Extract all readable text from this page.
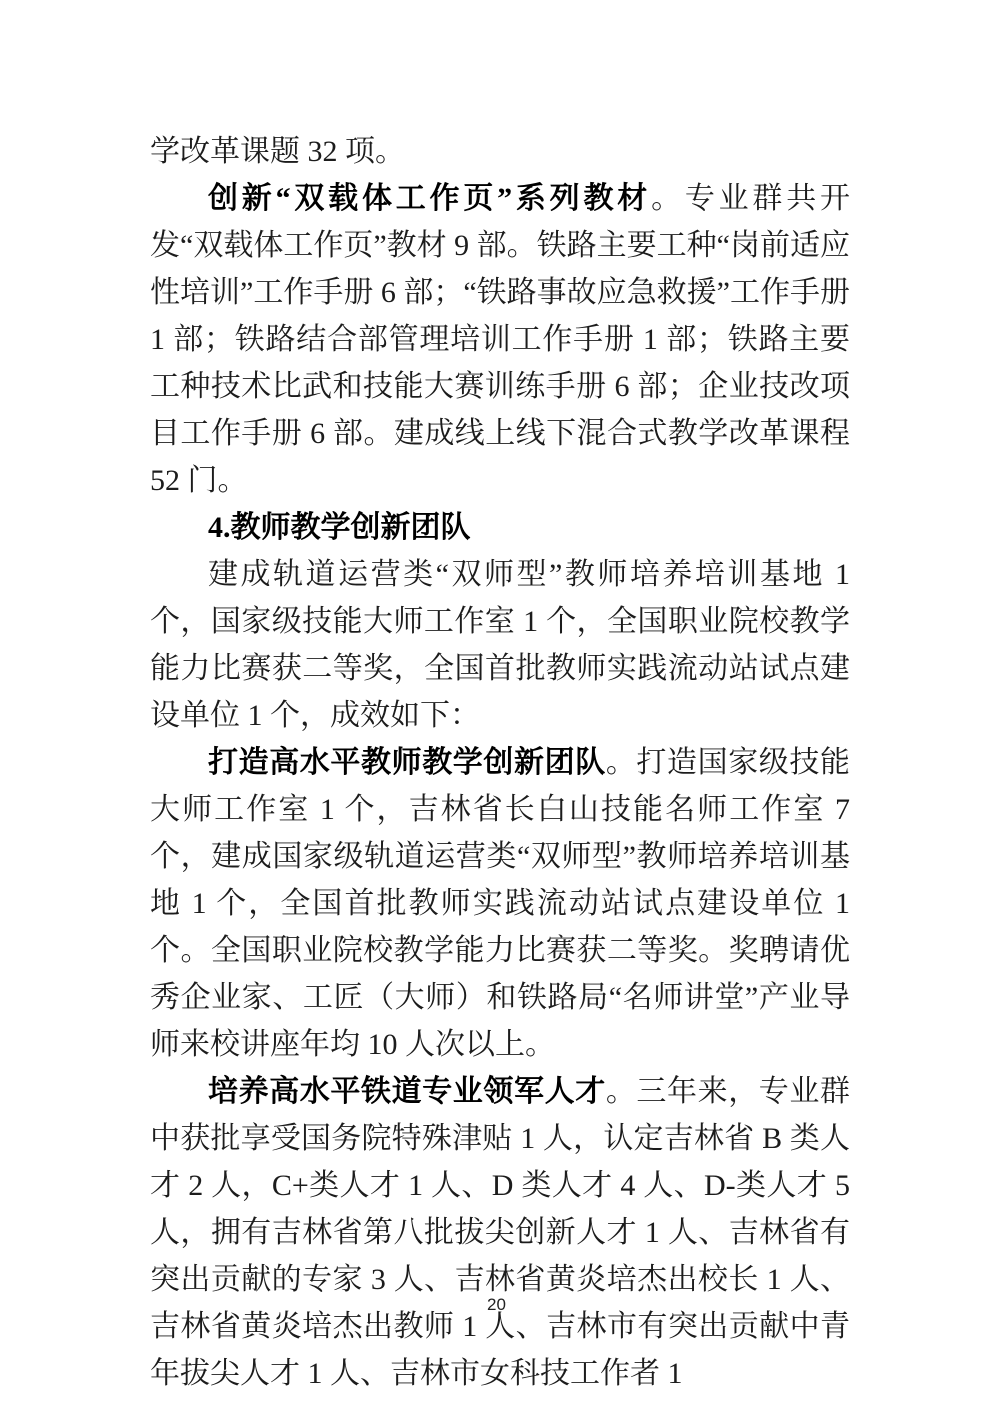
学改革课题 32 项。

创新“双载体工作页”系列教材。专业群共开发“双载体工作页”教材 9 部。铁路主要工种“岗前适应性培训”工作手册 6 部；“铁路事故应急救援”工作手册 1 部；铁路结合部管理培训工作手册 1 部；铁路主要工种技术比武和技能大赛训练手册 6 部；企业技改项目工作手册 6 部。建成线上线下混合式教学改革课程 52 门。

4.教师教学创新团队

建成轨道运营类“双师型”教师培养培训基地 1 个，国家级技能大师工作室 1 个，全国职业院校教学能力比赛获二等奖，全国首批教师实践流动站试点建设单位 1 个，成效如下：

打造高水平教师教学创新团队。打造国家级技能大师工作室 1 个，吉林省长白山技能名师工作室 7 个，建成国家级轨道运营类“双师型”教师培养培训基地 1 个，全国首批教师实践流动站试点建设单位 1 个。全国职业院校教学能力比赛获二等奖。奖聘请优秀企业家、工匠（大师）和铁路局“名师讲堂”产业导师来校讲座年均 10 人次以上。

培养高水平铁道专业领军人才。三年来，专业群中获批享受国务院特殊津贴 1 人，认定吉林省 B 类人才 2 人，C+类人才 1 人、D 类人才 4 人、D-类人才 5 人，拥有吉林省第八批拔尖创新人才 1 人、吉林省有突出贡献的专家 3 人、吉林省黄炎培杰出校长 1 人、吉林省黄炎培杰出教师 1 人、吉林市有突出贡献中青年拔尖人才 1 人、吉林市女科技工作者 1

20
